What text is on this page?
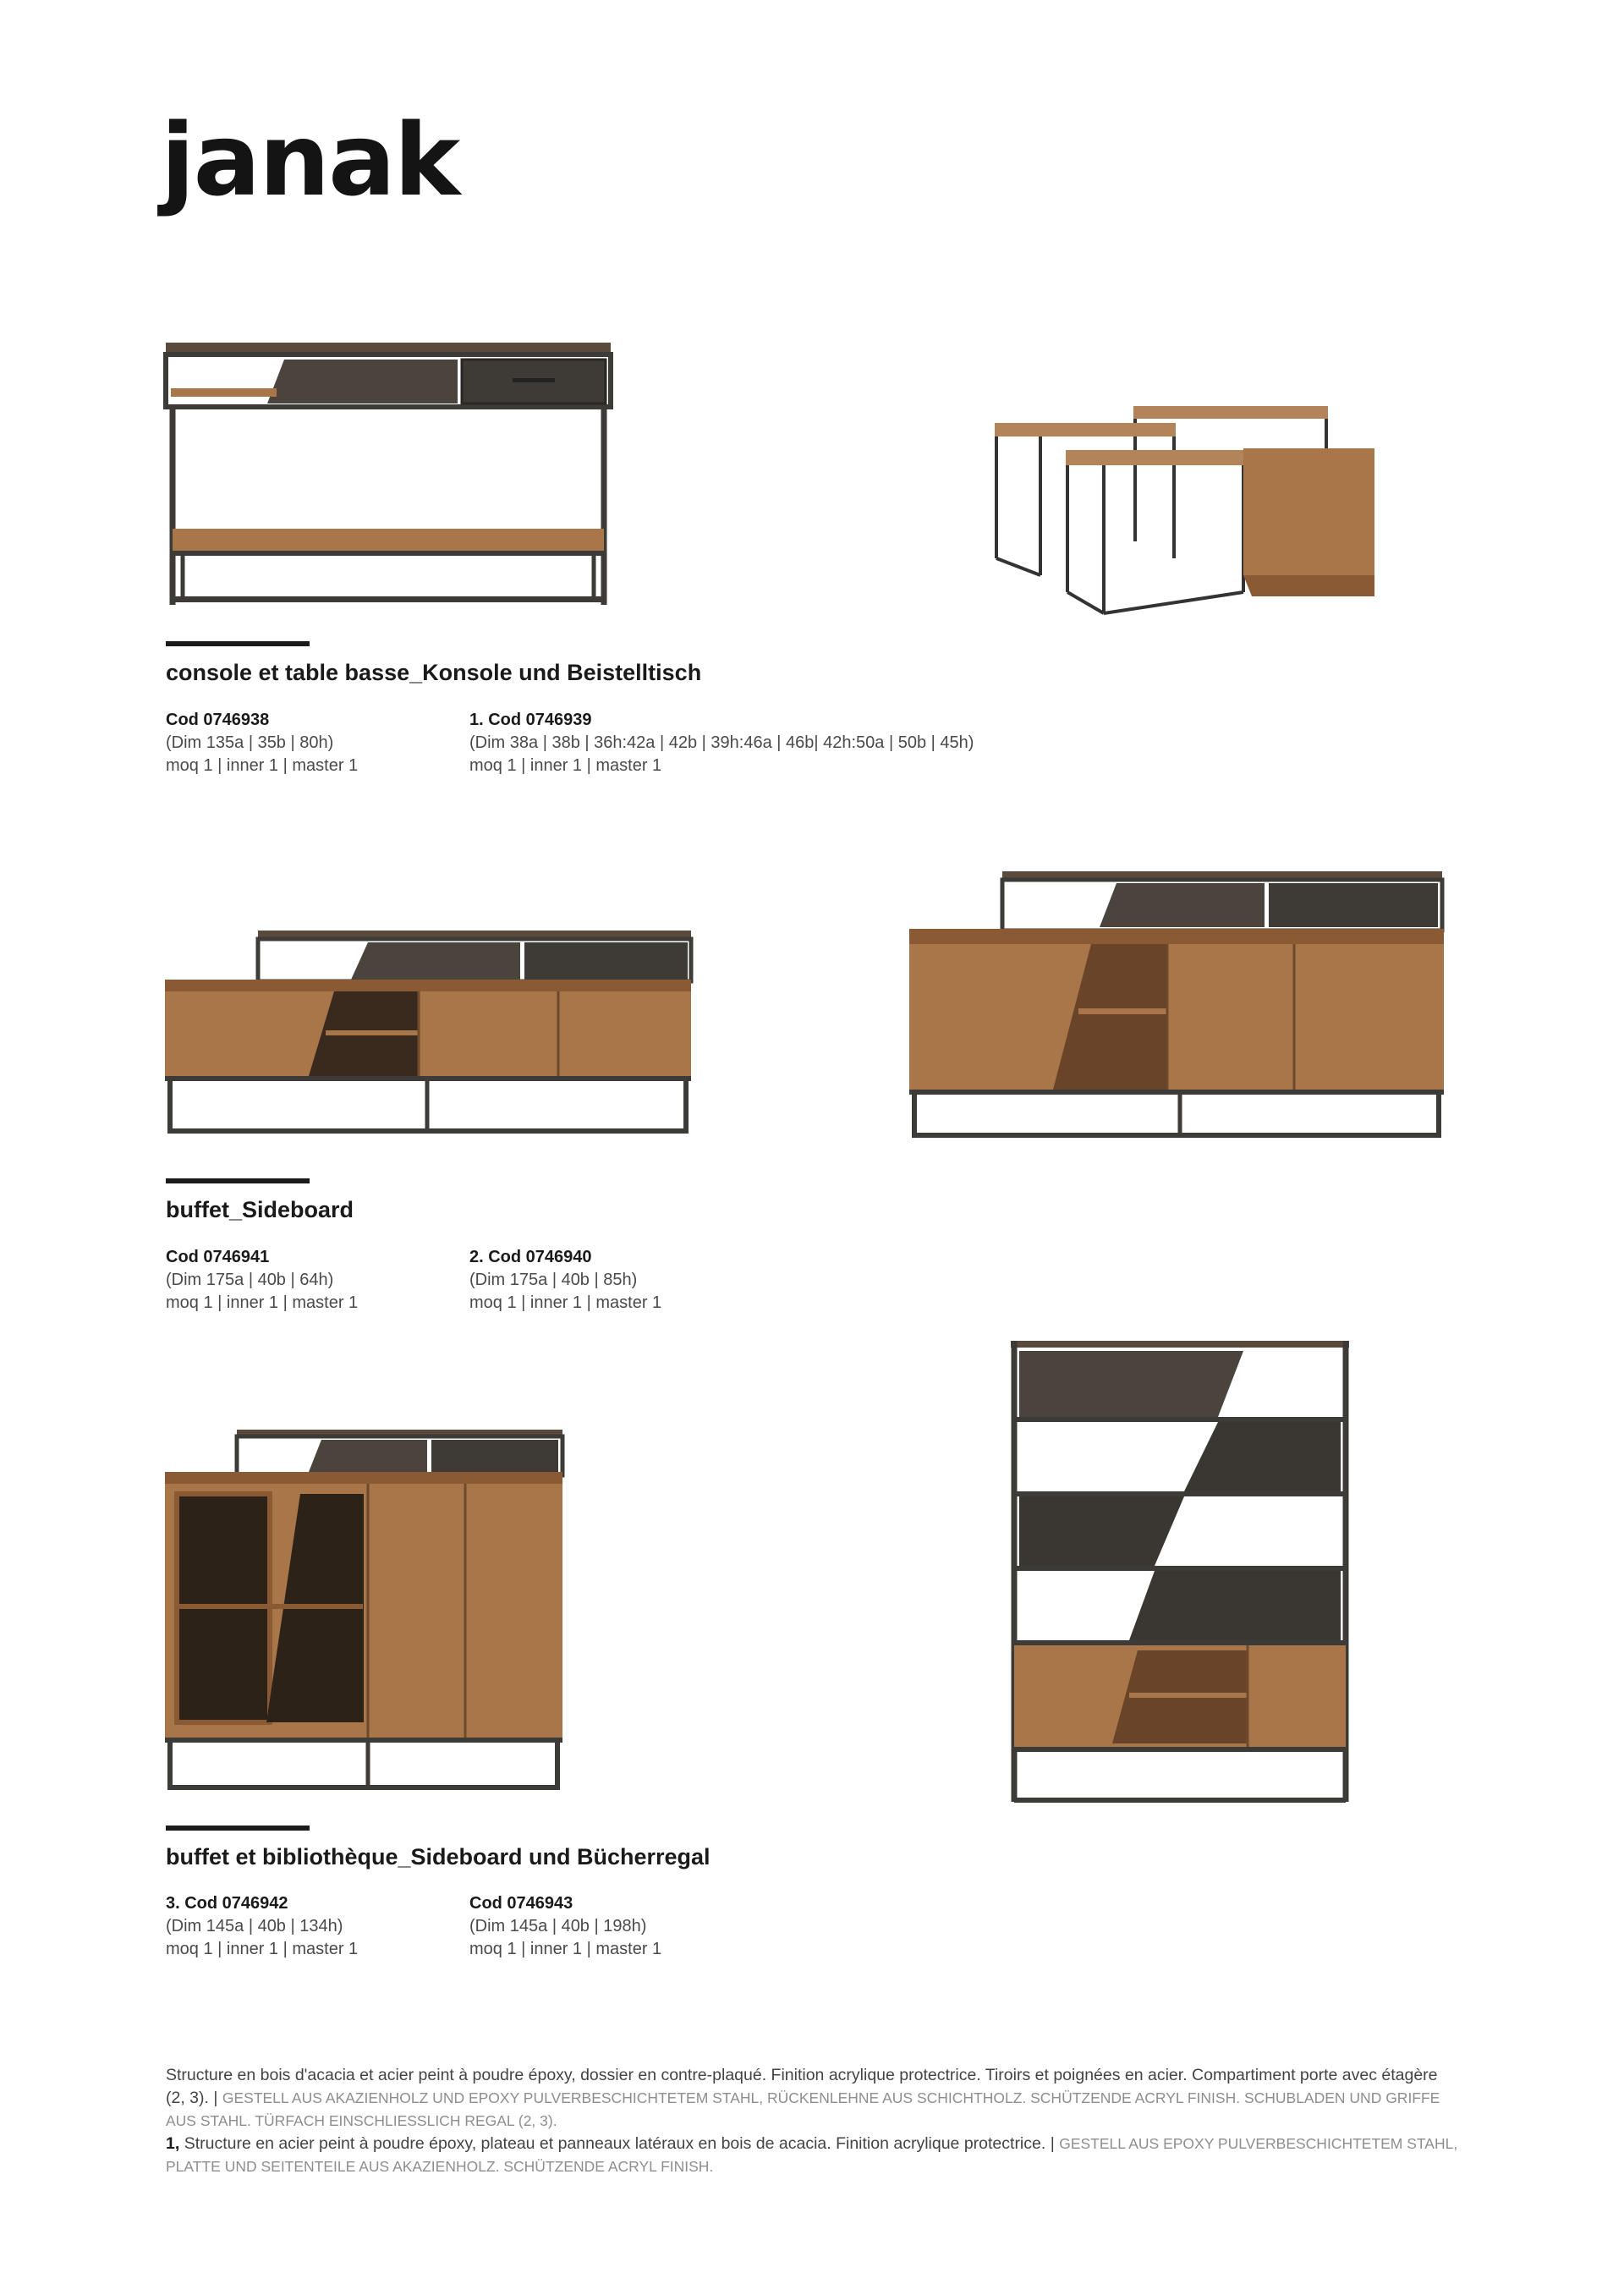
janak
console et table basse_Konsole und Beistelltisch
Cod 0746938
(Dim 135a | 35b | 80h)
moq 1 | inner 1 | master 1
1. Cod 0746939
(Dim 38a | 38b | 36h:42a | 42b | 39h:46a | 46b| 42h:50a | 50b | 45h)
moq 1 | inner 1 | master 1
buffet_Sideboard
Cod 0746941
(Dim 175a | 40b | 64h)
moq 1 | inner 1 | master 1
2. Cod 0746940
(Dim 175a | 40b | 85h)
moq 1 | inner 1 | master 1
buffet et bibliothèque_Sideboard und Bücherregal
3. Cod 0746942
(Dim 145a | 40b | 134h)
moq 1 | inner 1 | master 1
Cod 0746943
(Dim 145a | 40b | 198h)
moq 1 | inner 1 | master 1
Structure en bois d'acacia et acier peint à poudre époxy, dossier en contre-plaqué. Finition acrylique protectrice. Tiroirs et poignées en acier. Compartiment porte avec étagère (2, 3). | GESTELL AUS AKAZIENHOLZ UND EPOXY PULVERBESCHICHTETEM STAHL, RÜCKENLEHNE AUS SCHICHTHOLZ. SCHÜTZENDE ACRYL FINISH. SCHUBLADEN UND GRIFFE AUS STAHL. TÜRFACH EINSCHLIESSLICH REGAL (2, 3).
1, Structure en acier peint à poudre époxy, plateau et panneaux latéraux en bois de acacia. Finition acrylique protectrice. | GESTELL AUS EPOXY PULVERBESCHICHTETEM STAHL, PLATTE UND SEITENTEILE AUS AKAZIENHOLZ. SCHÜTZENDE ACRYL FINISH.
